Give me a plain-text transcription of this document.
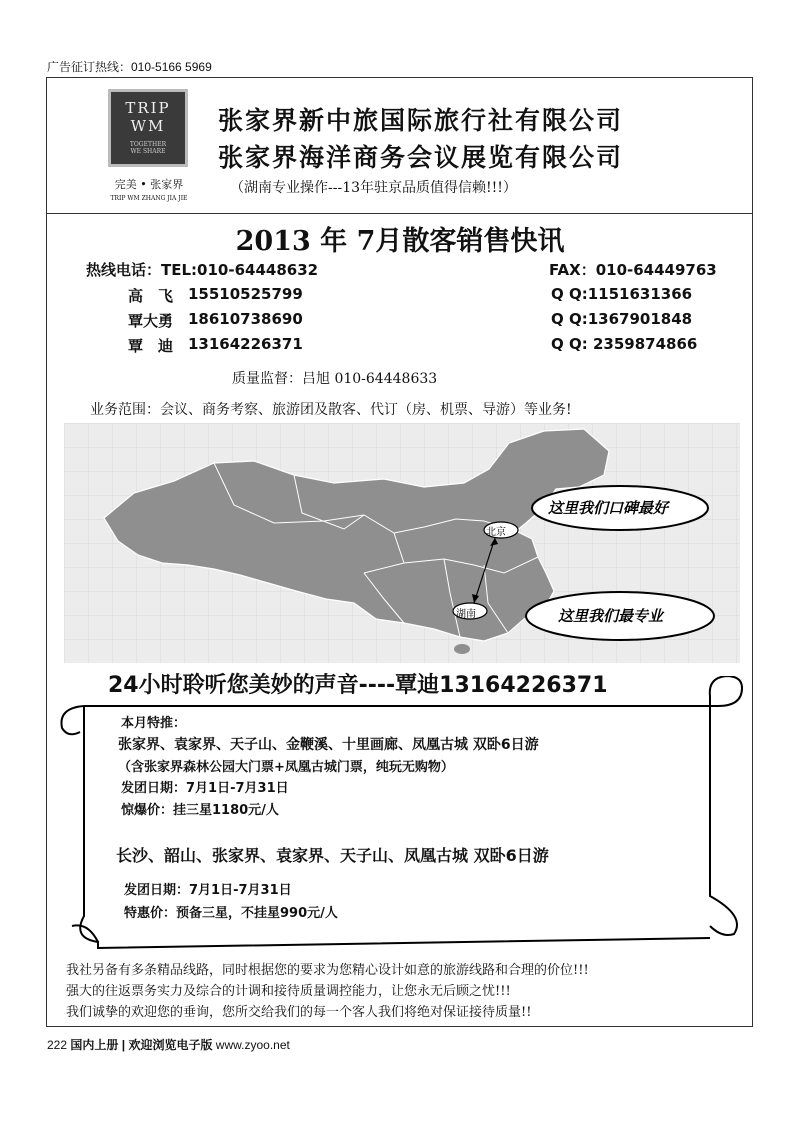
广告征订热线：010-5166 5969
TRIP
WM
TOGETHER
WE SHARE
完美 • 张家界
TRIP WM ZHANG JIA JIE
张家界新中旅国际旅行社有限公司
张家界海洋商务会议展览有限公司
（湖南专业操作---13年驻京品质值得信赖!!!）
2013 年 7月散客销售快讯
热线电话：TEL:010-64448632	FAX：010-64449763
高　飞 15510525799	Q Q:1151631366
覃大勇 18610738690	Q Q:1367901848
覃　迪 13164226371	Q Q: 2359874866
质量监督：吕旭 010-64448633
业务范围：会议、商务考察、旅游团及散客、代订（房、机票、导游）等业务!
北京
湖南
这里我们口碑最好
这里我们最专业
24小时聆听您美妙的声音----覃迪13164226371
本月特推：
张家界、袁家界、天子山、金鞭溪、十里画廊、凤凰古城 双卧6日游
（含张家界森林公园大门票+凤凰古城门票，纯玩无购物）
发团日期：7月1日-7月31日
惊爆价：挂三星1180元/人
长沙、韶山、张家界、袁家界、天子山、凤凰古城 双卧6日游
发团日期：7月1日-7月31日
特惠价：预备三星，不挂星990元/人
我社另备有多条精品线路，同时根据您的要求为您精心设计如意的旅游线路和合理的价位!!!
强大的往返票务实力及综合的计调和接待质量调控能力，让您永无后顾之忧!!!
我们诚挚的欢迎您的垂询，您所交给我们的每一个客人我们将绝对保证接待质量!!
222 国内上册 | 欢迎浏览电子版 www.zyoo.net
